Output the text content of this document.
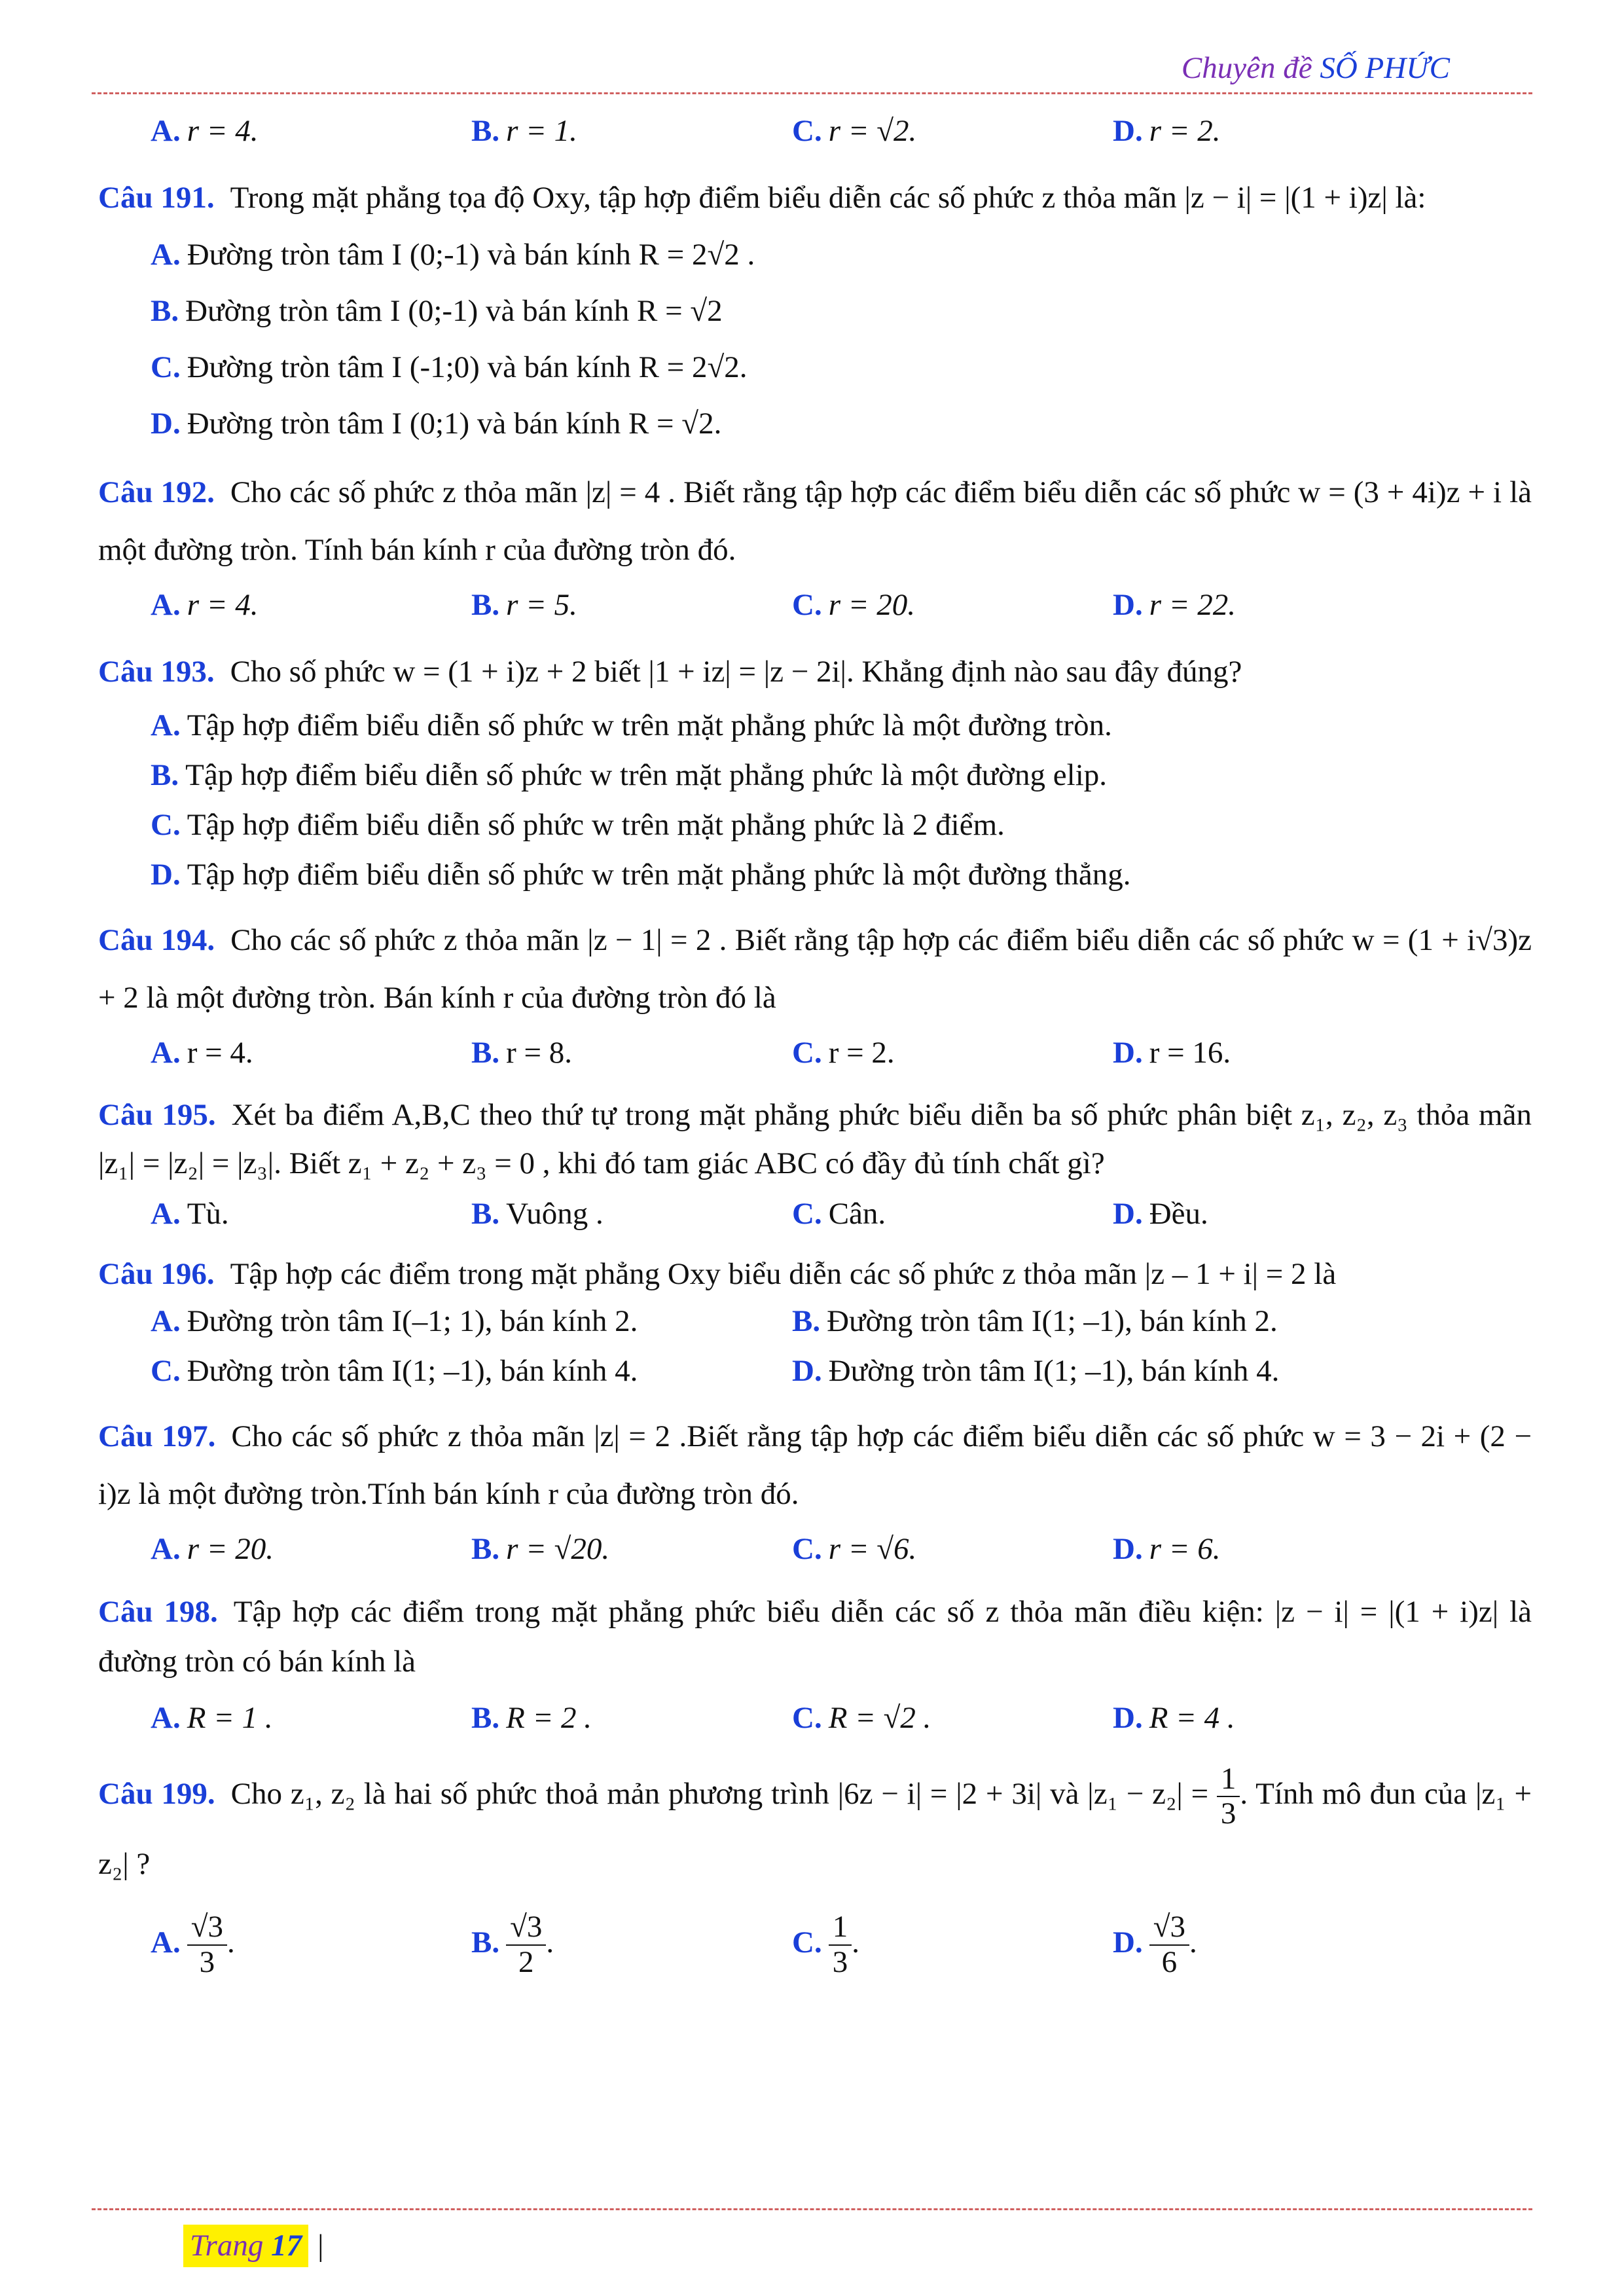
Chuyên đề SỐ PHỨC
A. r = 4.	B. r = 1.	C. r = √2.	D. r = 2.
Câu 191. Trong mặt phẳng tọa độ Oxy, tập hợp điểm biểu diễn các số phức z thỏa mãn |z − i| = |(1 + i)z| là:
A. Đường tròn tâm I (0;-1) và bán kính R = 2√2 .
B. Đường tròn tâm I (0;-1) và bán kính R = √2
C. Đường tròn tâm I (-1;0) và bán kính R = 2√2.
D. Đường tròn tâm I (0;1) và bán kính R = √2.
Câu 192. Cho các số phức z thỏa mãn |z| = 4 . Biết rằng tập hợp các điểm biểu diễn các số phức w = (3 + 4i)z + i là một đường tròn. Tính bán kính r của đường tròn đó.
A. r = 4.	B. r = 5.	C. r = 20.	D. r = 22.
Câu 193. Cho số phức w = (1 + i)z + 2 biết |1 + iz| = |z − 2i|. Khẳng định nào sau đây đúng?
A. Tập hợp điểm biểu diễn số phức w trên mặt phẳng phức là một đường tròn.
B. Tập hợp điểm biểu diễn số phức w trên mặt phẳng phức là một đường elip.
C. Tập hợp điểm biểu diễn số phức w trên mặt phẳng phức là 2 điểm.
D. Tập hợp điểm biểu diễn số phức w trên mặt phẳng phức là một đường thẳng.
Câu 194. Cho các số phức z thỏa mãn |z − 1| = 2 . Biết rằng tập hợp các điểm biểu diễn các số phức w = (1 + i√3)z + 2 là một đường tròn. Bán kính r của đường tròn đó là
A. r = 4.	B. r = 8.	C. r = 2.	D. r = 16.
Câu 195. Xét ba điểm A,B,C theo thứ tự trong mặt phẳng phức biểu diễn ba số phức phân biệt z₁, z₂, z₃ thỏa mãn |z₁| = |z₂| = |z₃|. Biết z₁ + z₂ + z₃ = 0 , khi đó tam giác ABC có đầy đủ tính chất gì?
A. Tù.	B. Vuông .	C. Cân.	D. Đều.
Câu 196. Tập hợp các điểm trong mặt phẳng Oxy biểu diễn các số phức z thỏa mãn |z – 1 + i| = 2 là
A. Đường tròn tâm I(–1; 1), bán kính 2.	B. Đường tròn tâm I(1; –1), bán kính 2.
C. Đường tròn tâm I(1; –1), bán kính 4.	D. Đường tròn tâm I(1; –1), bán kính 4.
Câu 197. Cho các số phức z thỏa mãn |z| = 2 .Biết rằng tập hợp các điểm biểu diễn các số phức w = 3 − 2i + (2 − i)z là một đường tròn.Tính bán kính r của đường tròn đó.
A. r = 20.	B. r = √20.	C. r = √6.	D. r = 6.
Câu 198. Tập hợp các điểm trong mặt phẳng phức biểu diễn các số z thỏa mãn điều kiện: |z − i| = |(1 + i)z| là đường tròn có bán kính là
A. R = 1 .	B. R = 2 .	C. R = √2 .	D. R = 4 .
Câu 199. Cho z₁, z₂ là hai số phức thoả mản phương trình |6z − i| = |2 + 3i| và $|z_1 - z_2| = \frac{1}{3}$ . Tính mô đun của |z₁ + z₂| ?
A. $\frac{√3}{3}$ .	B. $\frac{√3}{2}$ .	C. $\frac{1}{3}$ .	D. $\frac{√3}{6}$ .
Trang 17 |
